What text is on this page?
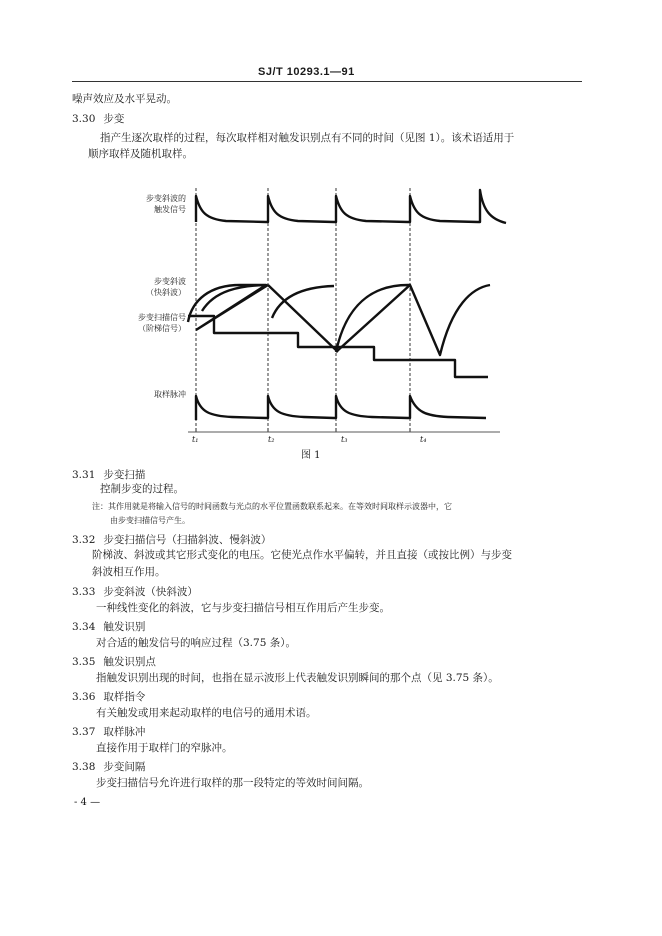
SJ/T 10293.1—91
噪声效应及水平晃动。
3.30 步变
指产生逐次取样的过程，每次取样相对触发识别点有不同的时间（见图 1）。该术语适用于
顺序取样及随机取样。
步变斜波的
触发信号
步变斜波
（快斜波）
步变扫描信号
（阶梯信号）
取样脉冲
t₁	t₂	t₃	t₄
图 1
3.31 步变扫描
控制步变的过程。
注：其作用就是将输入信号的时间函数与光点的水平位置函数联系起来。在等效时间取样示波器中，它
由步变扫描信号产生。
3.32 步变扫描信号（扫描斜波、慢斜波）
阶梯波、斜波或其它形式变化的电压。它使光点作水平偏转，并且直接（或按比例）与步变
斜波相互作用。
3.33 步变斜波（快斜波）
一种线性变化的斜波，它与步变扫描信号相互作用后产生步变。
3.34 触发识别
对合适的触发信号的响应过程（3.75 条）。
3.35 触发识别点
指触发识别出现的时间，也指在显示波形上代表触发识别瞬间的那个点（见 3.75 条）。
3.36 取样指令
有关触发或用来起动取样的电信号的通用术语。
3.37 取样脉冲
直接作用于取样门的窄脉冲。
3.38 步变间隔
步变扫描信号允许进行取样的那一段特定的等效时间间隔。
- 4 —
